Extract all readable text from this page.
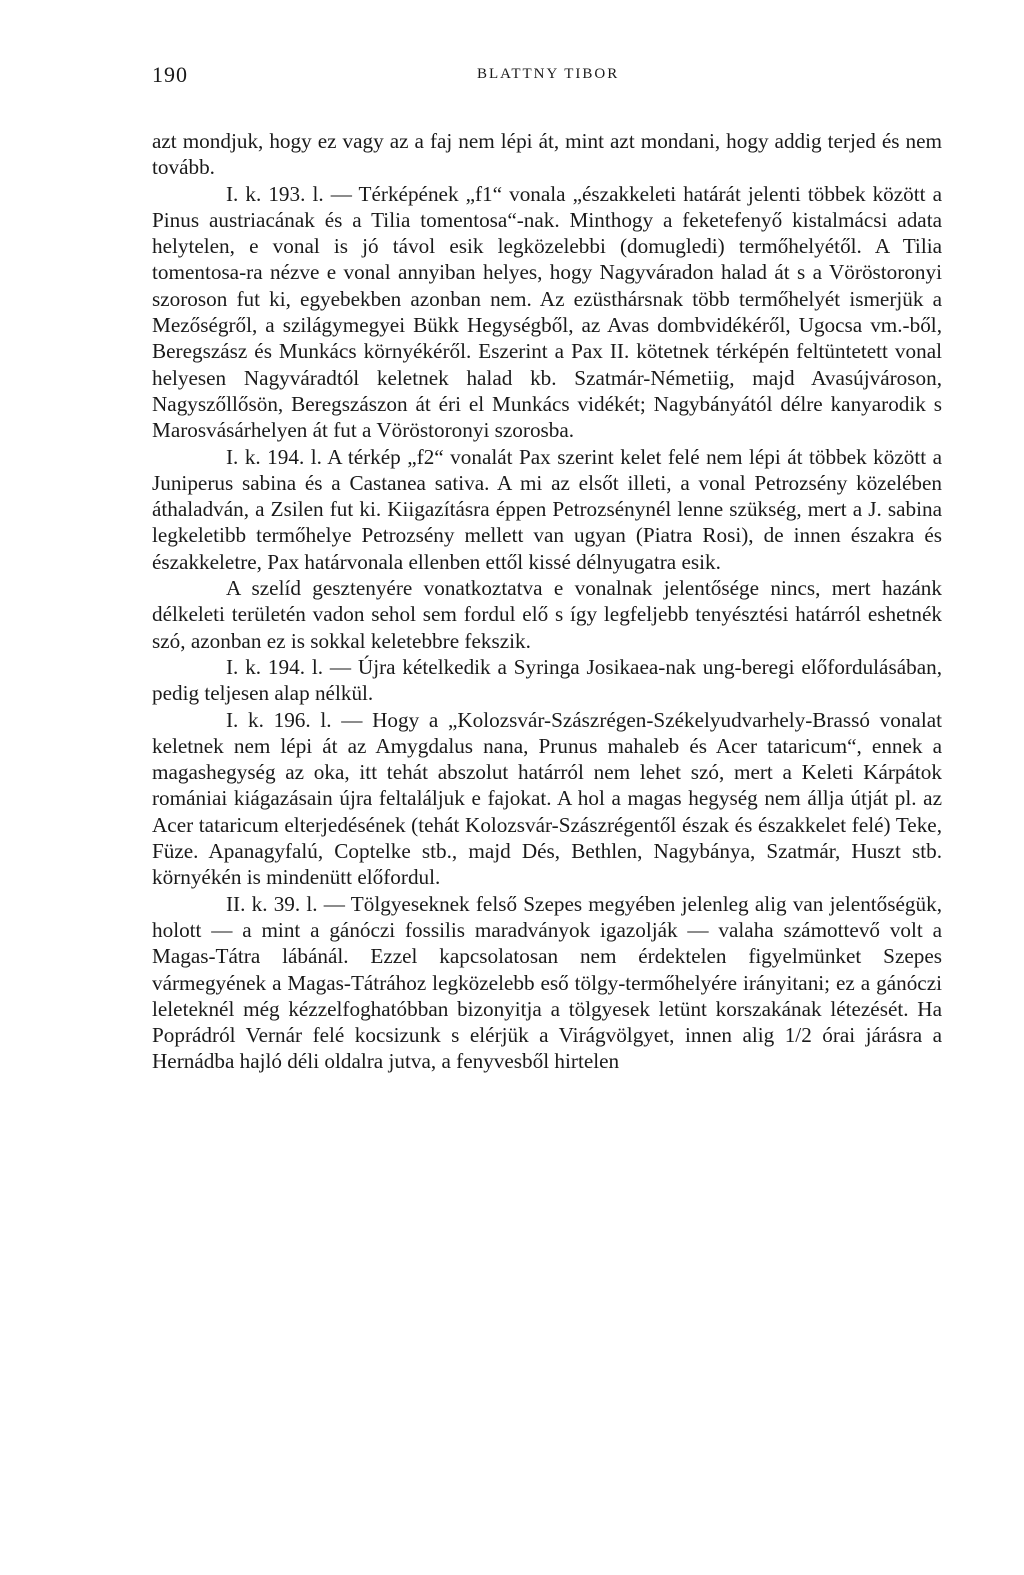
190	BLATTNY TIBOR

azt mondjuk, hogy ez vagy az a faj nem lépi át, mint azt mondani, hogy addig terjed és nem tovább.

I. k. 193. l. — Térképének „f1“ vonala „északkeleti határát jelenti többek között a Pinus austriacának és a Tilia tomentosa“-nak. Minthogy a feketefenyő kistalmácsi adata helytelen, e vonal is jó távol esik legközelebbi (domugledi) termőhelyétől. A Tilia tomentosa-ra nézve e vonal annyiban helyes, hogy Nagyváradon halad át s a Vöröstoronyi szoroson fut ki, egyebekben azonban nem. Az ezüsthársnak több termőhelyét ismerjük a Mezőségről, a szilágymegyei Bükk Hegységből, az Avas dombvidékéről, Ugocsa vm.-ből, Beregszász és Munkács környékéről. Eszerint a Pax II. kötetnek térképén feltüntetett vonal helyesen Nagyváradtól keletnek halad kb. Szatmár-Németiig, majd Avasújvároson, Nagyszőllősön, Beregszászon át éri el Munkács vidékét; Nagybányától délre kanyarodik s Marosvásárhelyen át fut a Vöröstoronyi szorosba.

I. k. 194. l. A térkép „f2“ vonalát Pax szerint kelet felé nem lépi át többek között a Juniperus sabina és a Castanea sativa. A mi az elsőt illeti, a vonal Petrozsény közelében áthaladván, a Zsilen fut ki. Kiigazításra éppen Petrozsénynél lenne szükség, mert a J. sabina legkeletibb termőhelye Petrozsény mellett van ugyan (Piatra Rosi), de innen északra és északkeletre, Pax határvonala ellenben ettől kissé délnyugatra esik.

A szelíd gesztenyére vonatkoztatva e vonalnak jelentősége nincs, mert hazánk délkeleti területén vadon sehol sem fordul elő s így legfeljebb tenyésztési határról eshetnék szó, azonban ez is sokkal keletebbre fekszik.

I. k. 194. l. — Újra kételkedik a Syringa Josikaea-nak ung-beregi előfordulásában, pedig teljesen alap nélkül.

I. k. 196. l. — Hogy a „Kolozsvár-Szászrégen-Székelyudvarhely-Brassó vonalat keletnek nem lépi át az Amygdalus nana, Prunus mahaleb és Acer tataricum“, ennek a magashegység az oka, itt tehát abszolut határról nem lehet szó, mert a Keleti Kárpátok romániai kiágazásain újra feltaláljuk e fajokat. A hol a magas hegység nem állja útját pl. az Acer tataricum elterjedésének (tehát Kolozsvár-Szászrégentől észak és északkelet felé) Teke, Füze. Apanagyfalú, Coptelke stb., majd Dés, Bethlen, Nagybánya, Szatmár, Huszt stb. környékén is mindenütt előfordul.

II. k. 39. l. — Tölgyeseknek felső Szepes megyében jelenleg alig van jelentőségük, holott — a mint a gánóczi fossilis maradványok igazolják — valaha számottevő volt a Magas-Tátra lábánál. Ezzel kapcsolatosan nem érdektelen figyelmünket Szepes vármegyének a Magas-Tátrához legközelebb eső tölgy-termőhelyére irányitani; ez a gánóczi leleteknél még kézzelfoghatóbban bizonyitja a tölgyesek letünt korszakának létezését. Ha Poprádról Vernár felé kocsizunk s elérjük a Virágvölgyet, innen alig 1/2 órai járásra a Hernádba hajló déli oldalra jutva, a fenyvesből hirtelen
